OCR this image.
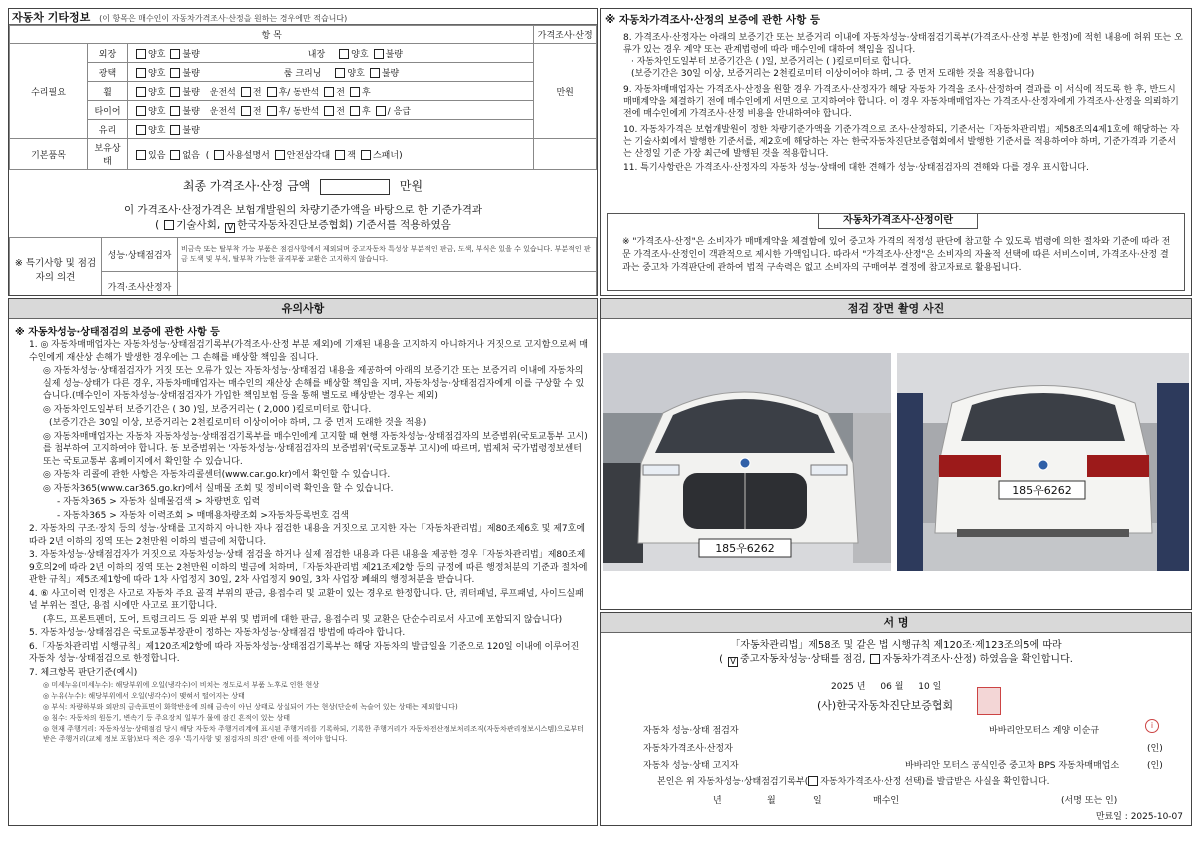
자동차 기타정보 (이 항목은 매수인이 자동차가격조사·산정을 원하는 경우에만 적습니다)
항 목			가격조사·산정
수리필요	외장	양호 불량 내장 양호 불량	만원
	광택	양호 불량 룸 크리닝 양호 불량	
	휠	양호 불량 운전석 전 후/ 동반석 전 후	
	타이어	양호 불량 운전석 전 후/ 동반석 전 후 / 응급	
	유리	양호 불량	
기본품목	보유상태	있음 없음 ( 사용설명서 안전삼각대 잭 스패너)	
최종 가격조사·산정 금액	만원
이 가격조사·산정가격은 보험개발원의 차량기준가액을 바탕으로 한 기준가격과
( 기술사회, V 한국자동차진단보증협회) 기준서를 적용하였음
※ 특기사항 및 점검자의 의견	성능·상태점검자	비금속 또는 탈부착 가능 부품은 점검사항에서 제외되며 중고자동차 특성상 부분적인 판금, 도색, 부식은 있을 수 있습니다. 부분적인 판금 도색 및 부식, 탈부착 가능한 골격부품 교환은 고지하지 않습니다.
	가격·조사산정자	
※ 자동차가격조사·산정의 보증에 관한 사항 등

8. 가격조사·산정자는 아래의 보증기간 또는 보증거리 이내에 자동차성능·상태점검기록부(가격조사·산정 부분 한정)에 적힌 내용에 허위 또는 오류가 있는 경우 계약 또는 관계법령에 따라 매수인에 대하여 책임을 집니다.

· 자동차인도일부터 보증기간은 ( )일, 보증거리는 ( )킬로미터로 합니다.

(보증기간은 30일 이상, 보증거리는 2천킬로미터 이상이어야 하며, 그 중 먼저 도래한 것을 적용합니다)

9. 자동차매매업자는 가격조사·산정을 원할 경우 가격조사·산정자가 해당 자동차 가격을 조사·산정하여 결과를 이 서식에 적도록 한 후, 반드시 매매계약을 체결하기 전에 매수인에게 서면으로 고지하여야 합니다. 이 경우 자동차매매업자는 가격조사·산정자에게 가격조사·산정을 의뢰하기 전에 매수인에게 가격조사·산정 비용을 안내하여야 합니다.

10. 자동차가격은 보험개발원이 정한 차량기준가액을 기준가격으로 조사·산정하되, 기준서는「자동차관리법」제58조의4제1호에 해당하는 자는 기술사회에서 발행한 기준서를, 제2호에 해당하는 자는 한국자동차진단보증협회에서 발행한 기준서를 적용하여야 하며, 기준가격과 기준서는 산정일 기준 가장 최근에 발행된 것을 적용합니다.

11. 특기사항란은 가격조사·산정자의 자동차 성능·상태에 대한 견해가 성능·상태점검자의 견해와 다를 경우 표시합니다.

자동차가격조사·산정이란
※ "가격조사·산정"은 소비자가 매매계약을 체결함에 있어 중고차 가격의 적정성 판단에 참고할 수 있도록 법령에 의한 절차와 기준에 따라 전문 가격조사·산정인이 객관적으로 제시한 가액입니다. 따라서 "가격조사·산정"은 소비자의 자율적 선택에 따른 서비스이며, 가격조사·산정 결과는 중고차 가격판단에 관하여 법적 구속력은 없고 소비자의 구매여부 결정에 참고자료로 활용됩니다.
유의사항
※ 자동차성능·상태점검의 보증에 관한 사항 등

1. ◎ 자동차매매업자는 자동차성능·상태점검기록부(가격조사·산정 부분 제외)에 기재된 내용을 고지하지 아니하거나 거짓으로 고지함으로써 매수인에게 재산상 손해가 발생한 경우에는 그 손해를 배상할 책임을 집니다.

◎ 자동차성능·상태점검자가 거짓 또는 오류가 있는 자동차성능·상태점검 내용을 제공하여 아래의 보증기간 또는 보증거리 이내에 자동차의 실제 성능·상태가 다른 경우, 자동차매매업자는 매수인의 재산상 손해를 배상할 책임을 지며, 자동차성능·상태점검자에게 이를 구상할 수 있습니다.(매수인이 자동차성능·상태점검자가 가입한 책임보험 등을 통해 별도로 배상받는 경우는 제외)

◎ 자동차인도일부터 보증기간은 ( 30 )일, 보증거리는 ( 2,000 )킬로미터로 합니다.

(보증기간은 30일 이상, 보증거리는 2천킬로미터 이상이어야 하며, 그 중 먼저 도래한 것을 적용)

◎ 자동차매매업자는 자동차 자동차성능·상태점검기록부를 매수인에게 고지할 때 현행 자동차성능·상태점검자의 보증범위(국토교통부 고시)를 첨부하여 고지하여야 합니다. 동 보증범위는 '자동차성능·상태점검자의 보증범위'(국토교통부 고시)에 따르며, 법제처 국가법령정보센터 또는 국토교통부 홈페이지에서 확인할 수 있습니다.

◎ 자동차 리콜에 관한 사항은 자동차리콜센터(www.car.go.kr)에서 확인할 수 있습니다.

◎ 자동차365(www.car365.go.kr)에서 실매물 조회 및 정비이력 확인을 할 수 있습니다.

- 자동차365 > 자동차 실매물검색 > 차량번호 입력

- 자동차365 > 자동차 이력조회 > 매매용차량조회 >자동차등록번호 검색

2. 자동차의 구조·장치 등의 성능·상태를 고지하지 아니한 자나 점검한 내용을 거짓으로 고지한 자는「자동차관리법」제80조제6호 및 제7호에 따라 2년 이하의 징역 또는 2천만원 이하의 벌금에 처합니다.

3. 자동차성능·상태점검자가 거짓으로 자동차성능·상태 점검을 하거나 실제 점검한 내용과 다른 내용을 제공한 경우「자동차관리법」제80조제9호의2에 따라 2년 이하의 징역 또는 2천만원 이하의 벌금에 처하며,「자동차관리법 제21조제2항 등의 규정에 따른 행정처분의 기준과 절차에 관한 규칙」제5조제1항에 따라 1차 사업정지 30일, 2차 사업정지 90일, 3차 사업장 폐쇄의 행정처분을 받습니다.

4. ⑥ 사고이력 인정은 사고로 자동차 주요 골격 부위의 판금, 용접수리 및 교환이 있는 경우로 한정합니다. 단, 쿼터패널, 루프패널, 사이드실패널 부위는 절단, 용접 시에만 사고로 표기합니다.

(후드, 프론트펜더, 도어, 트렁크리드 등 외판 부위 및 범퍼에 대한 판금, 용접수리 및 교환은 단순수리로서 사고에 포함되지 않습니다)

5. 자동차성능·상태점검은 국토교통부장관이 정하는 자동차성능·상태점검 방법에 따라야 합니다.

6.「자동차관리법 시행규칙」제120조제2항에 따라 자동차성능·상태점검기록부는 해당 자동차의 발급일을 기준으로 120일 이내에 이루어진 자동차 성능·상태점검으로 한정합니다.

7. 체크항목 판단기준(예시)

◎ 미세누유(미세누수): 해당부위에 오일(냉각수)이 비치는 정도로서 부품 노후로 인한 현상

◎ 누유(누수): 해당부위에서 오일(냉각수)이 맺혀서 떨어지는 상태

◎ 부식: 차량하부와 외판의 금속표면이 화학반응에 의해 금속이 아닌 상태로 상실되어 가는 현상(단순히 녹슬어 있는 상태는 제외합니다)

◎ 침수: 자동차의 원동기, 변속기 등 주요장치 일부가 물에 잠긴 흔적이 있는 상태

◎ 현재 주행거리: 자동차성능·상태점검 당시 해당 자동차 주행거리계에 표시된 주행거리를 기록하되, 기록한 주행거리가 자동차전산정보처리조직(자동차관리정보시스템)으로부터 받은 주행거리(교체 정보 포함)보다 적은 경우 '특기사항 및 점검자의 의견' 란에 이를 적어야 합니다.

점검 장면 촬영 사진
185우6262
185우6262
서 명
「자동차관리법」제58조 및 같은 법 시행규칙 제120조·제123조의5에 따라
( V 중고자동차성능·상태를 점검, 자동차가격조사·산정) 하였음을 확인합니다.
2025 년 06 월 10 일
(사)한국자동차진단보증협회
자동차 성능·상태 점검자	바바리안모터스 계양 이순규
i
자동차가격조사·산정자	(인)
자동차 성능·상태 고지자	바바리안 모터스 공식인증 중고차 BPS 자동차매매업소	(인)
본인은 위 자동차성능·상태점검기록부( 자동차가격조사·산정 선택)를 발급받은 사실을 확인합니다.
년	월	일	매수인	(서명 또는 인)
만료일 : 2025-10-07
